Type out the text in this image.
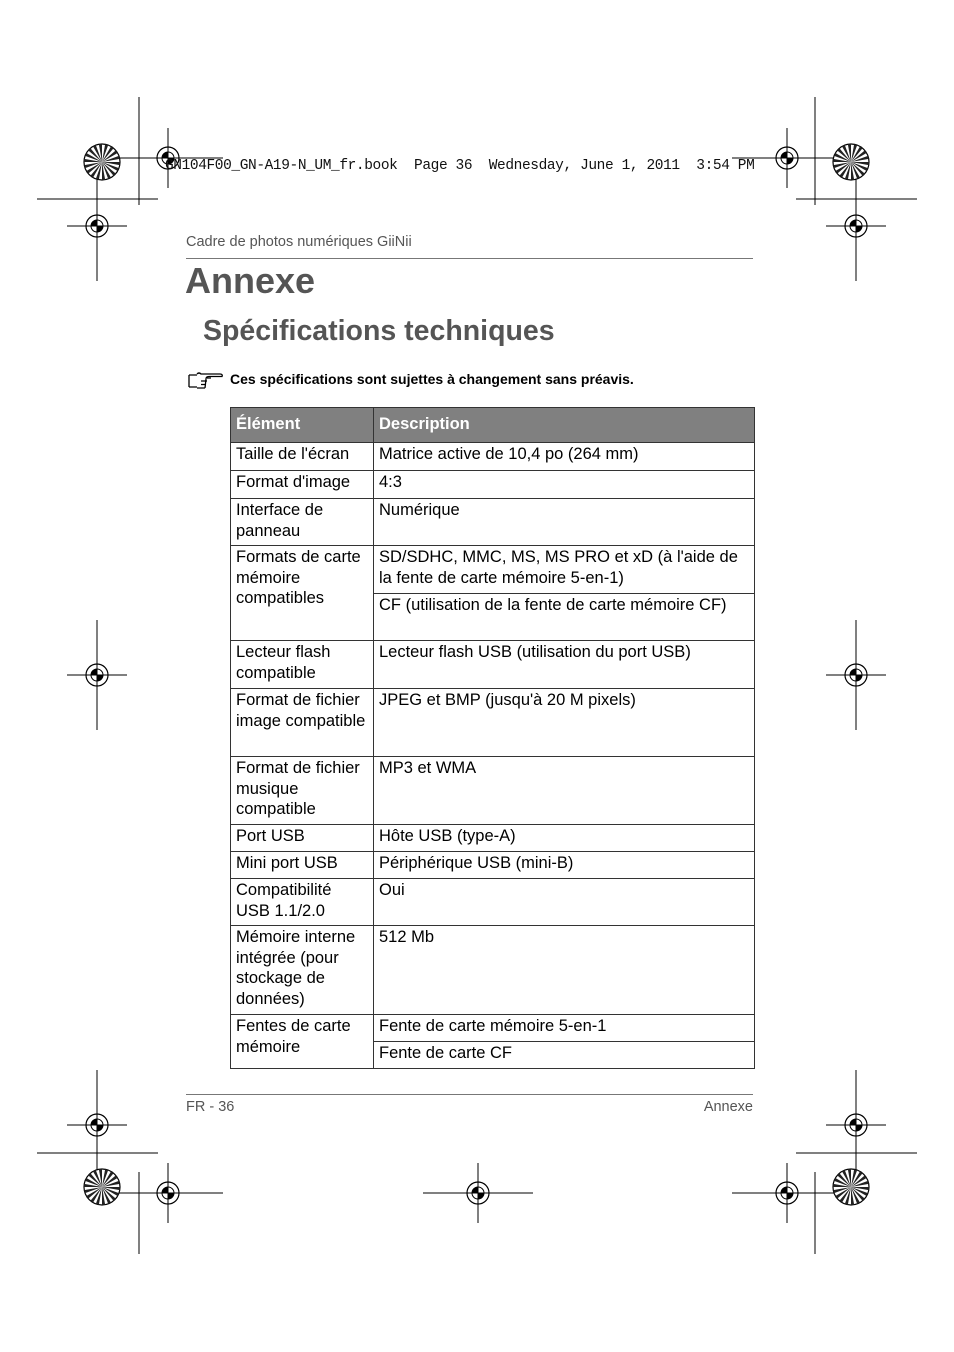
GN104F00_GN-A19-N_UM_fr.book  Page 36  Wednesday, June 1, 2011  3:54 PM
Cadre de photos numériques GiiNii
Annexe
Spécifications techniques
Ces spécifications sont sujettes à changement sans préavis.
Élément	Description
Taille de l'écran	Matrice active de 10,4 po (264 mm)
Format d'image	4:3
Interface de panneau	Numérique
Formats de carte mémoire compatibles	SD/SDHC, MMC, MS, MS PRO et xD (à l'aide de la fente de carte mémoire 5-en-1)
	CF (utilisation de la fente de carte mémoire CF)
Lecteur flash compatible	Lecteur flash USB (utilisation du port USB)
Format de fichier image compatible	JPEG et BMP (jusqu'à 20 M pixels)
Format de fichier musique compatible	MP3 et WMA
Port USB	Hôte USB (type-A)
Mini port USB	Périphérique USB (mini-B)
Compatibilité USB 1.1/2.0	Oui
Mémoire interne intégrée (pour stockage de données)	512 Mb
Fentes de carte mémoire	Fente de carte mémoire 5-en-1
	Fente de carte CF
FR - 36	Annexe
